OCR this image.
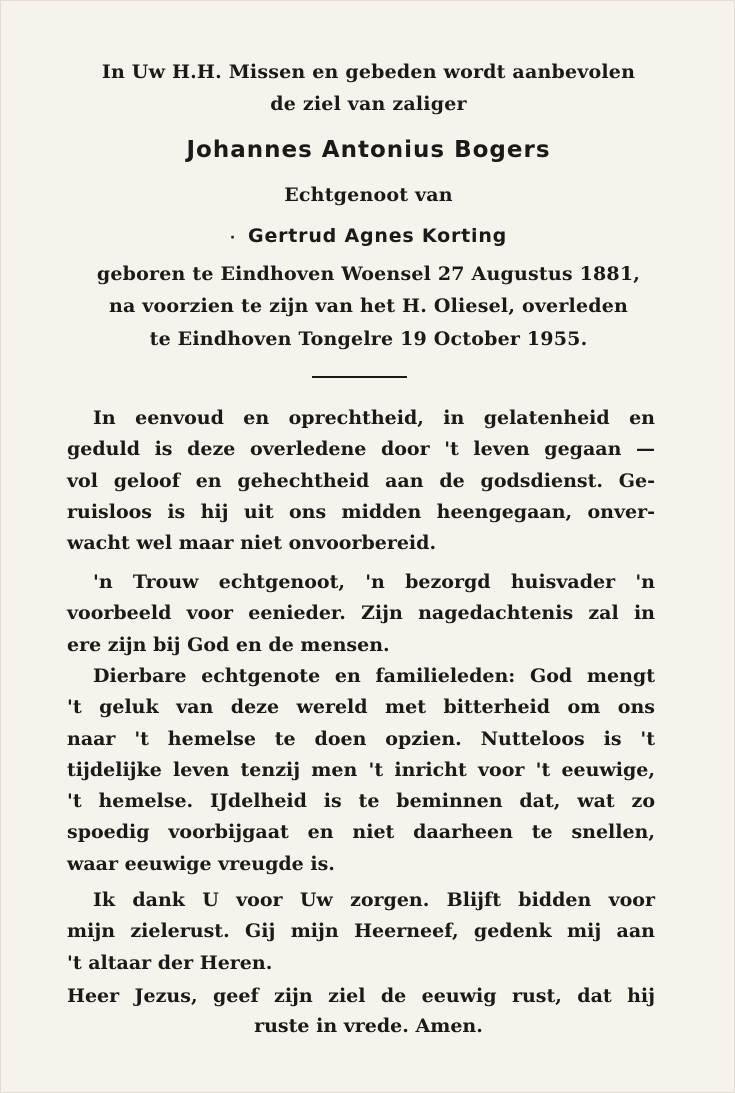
In Uw H.H. Missen en gebeden wordt aanbevolen
de ziel van zaliger
Johannes Antonius Bogers
Echtgenoot van
· Gertrud Agnes Korting
geboren te Eindhoven Woensel 27 Augustus 1881,
na voorzien te zijn van het H. Oliesel, overleden
te Eindhoven Tongelre 19 October 1955.
In eenvoud en oprechtheid, in gelatenheid en
geduld is deze overledene door 't leven gegaan —
vol geloof en gehechtheid aan de godsdienst. Ge-
ruisloos is hij uit ons midden heengegaan, onver-
wacht wel maar niet onvoorbereid.
'n Trouw echtgenoot, 'n bezorgd huisvader 'n
voorbeeld voor eenieder. Zijn nagedachtenis zal in
ere zijn bij God en de mensen.
Dierbare echtgenote en familieleden: God mengt
't geluk van deze wereld met bitterheid om ons
naar 't hemelse te doen opzien. Nutteloos is 't
tijdelijke leven tenzij men 't inricht voor 't eeuwige,
't hemelse. IJdelheid is te beminnen dat, wat zo
spoedig voorbijgaat en niet daarheen te snellen,
waar eeuwige vreugde is.
Ik dank U voor Uw zorgen. Blijft bidden voor
mijn zielerust. Gij mijn Heerneef, gedenk mij aan
't altaar der Heren.
Heer Jezus, geef zijn ziel de eeuwig rust, dat hij
ruste in vrede. Amen.
